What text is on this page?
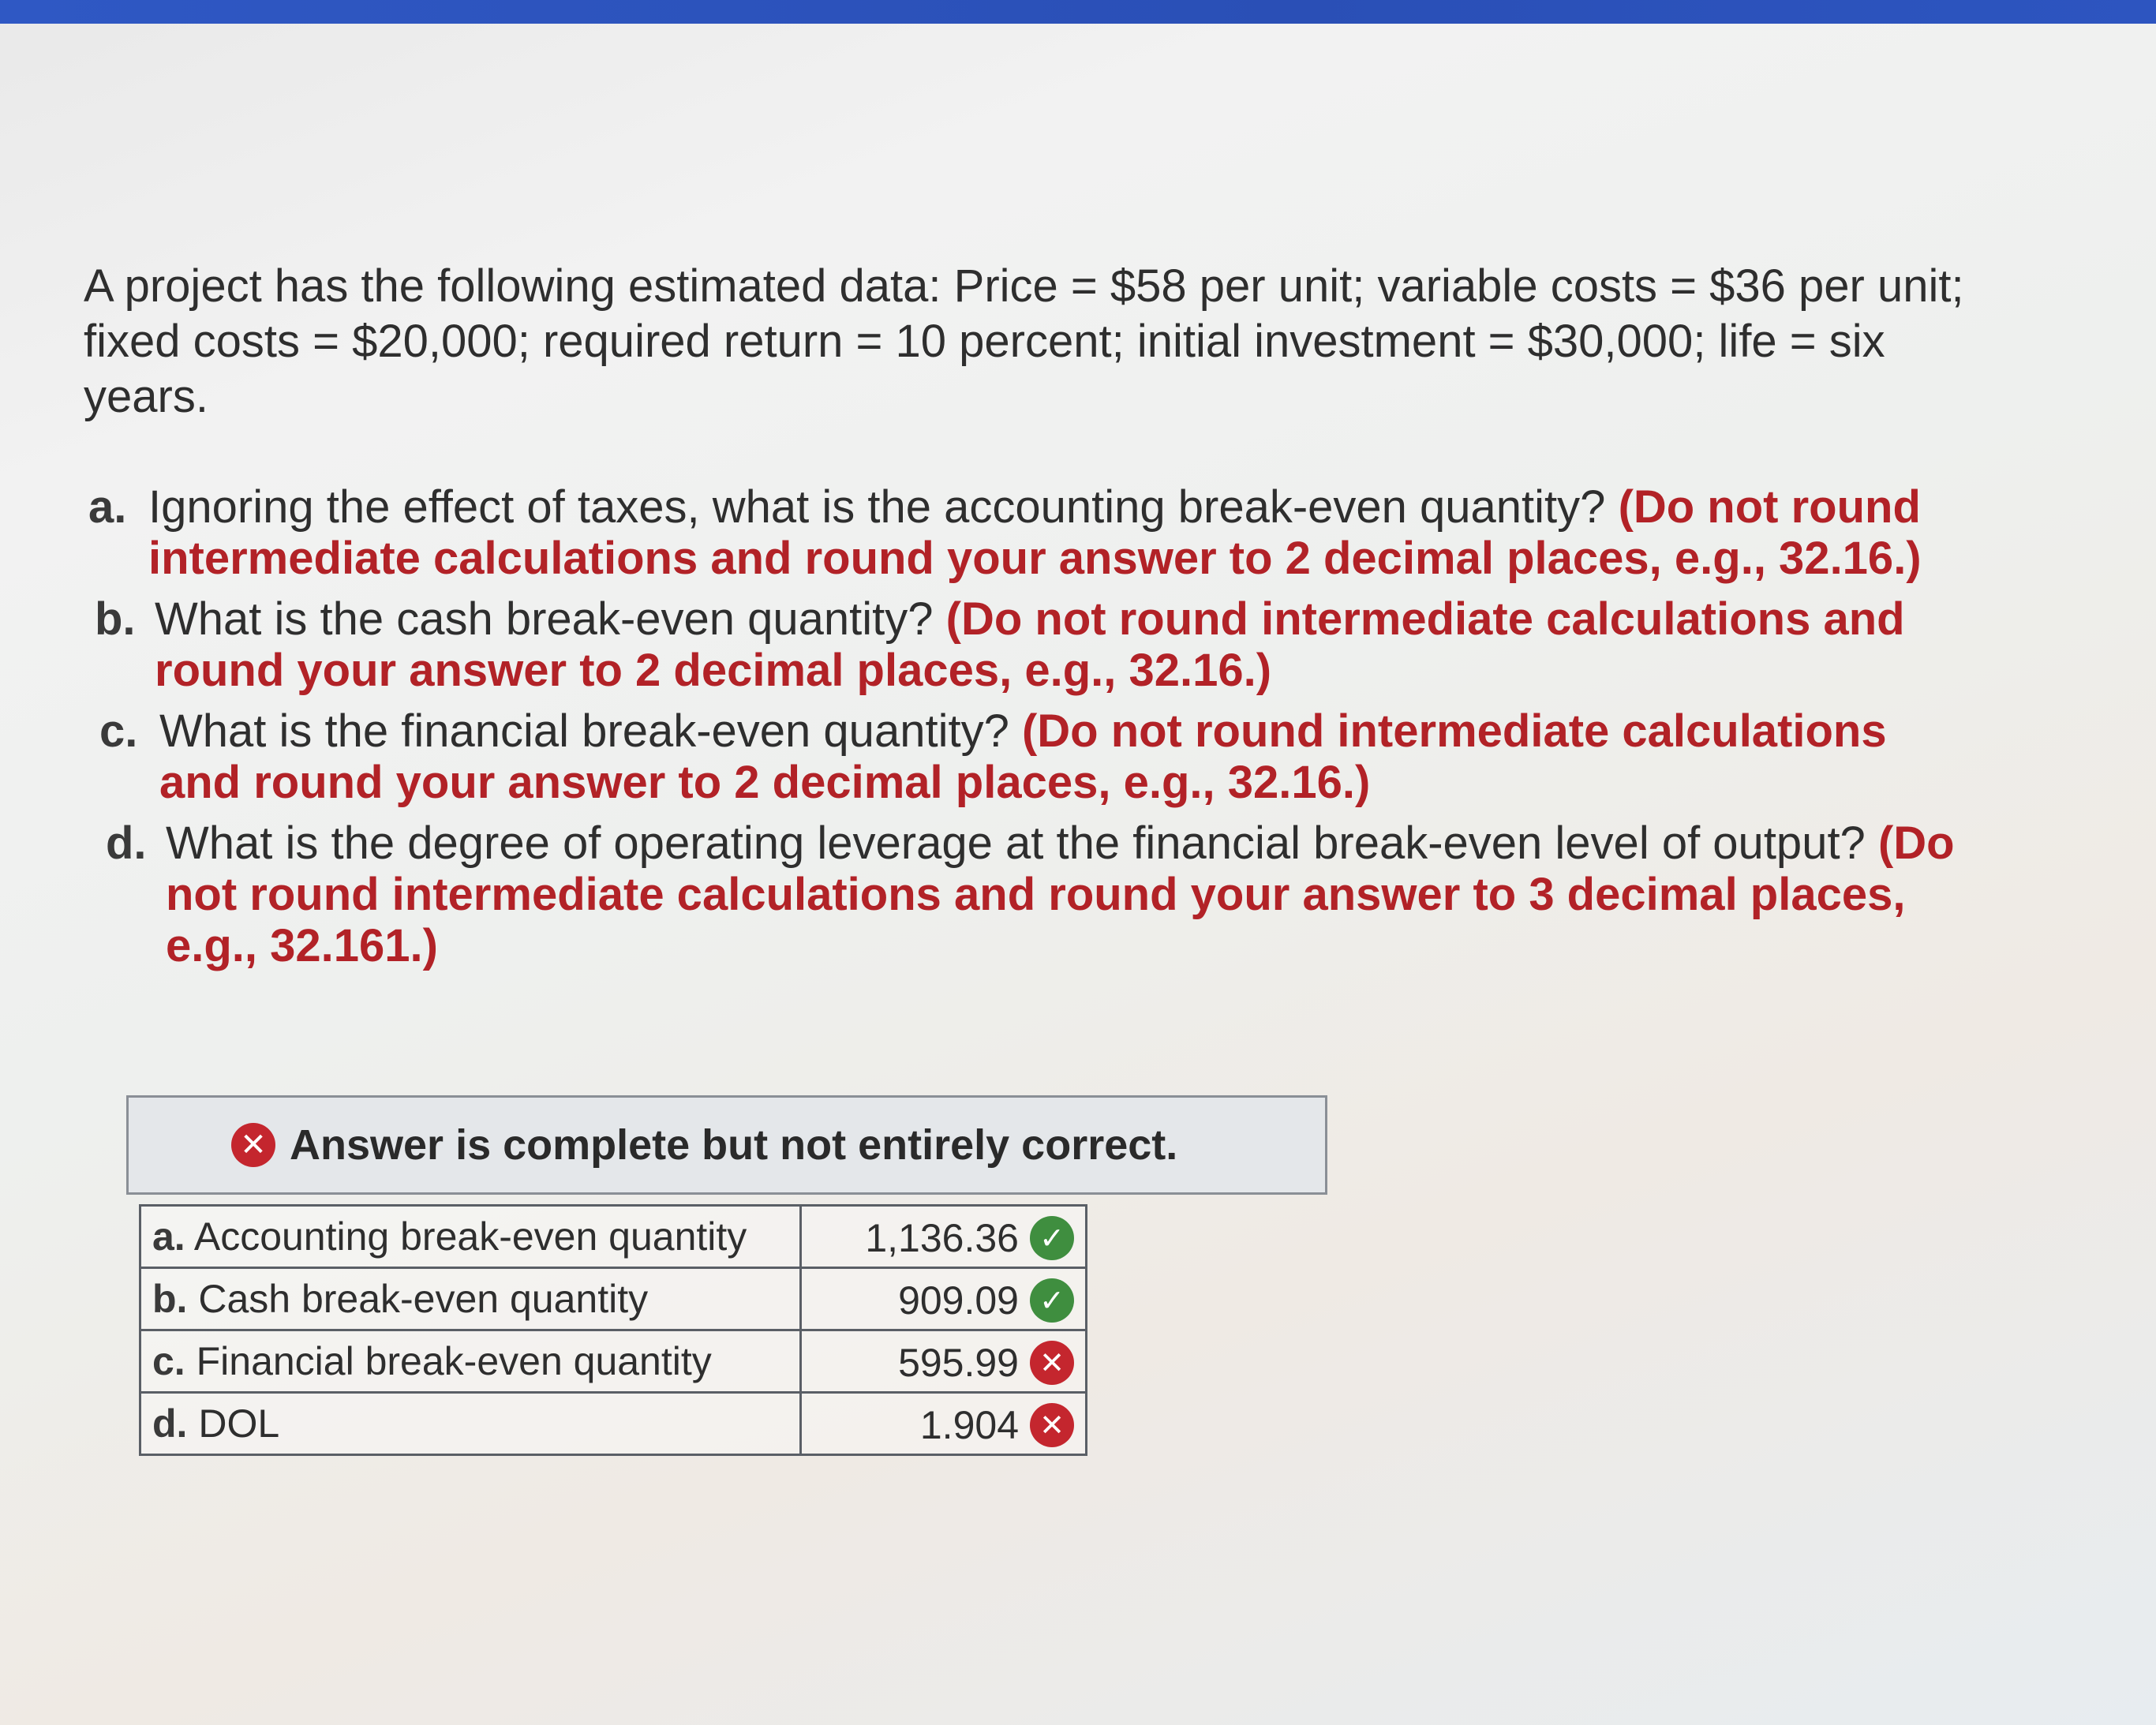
A project has the following estimated data: Price = $58 per unit; variable costs = $36 per unit; fixed costs = $20,000; required return = 10 percent; initial investment = $30,000; life = six years.
a. Ignoring the effect of taxes, what is the accounting break-even quantity? (Do not round intermediate calculations and round your answer to 2 decimal places, e.g., 32.16.)
b. What is the cash break-even quantity? (Do not round intermediate calculations and round your answer to 2 decimal places, e.g., 32.16.)
c. What is the financial break-even quantity? (Do not round intermediate calculations and round your answer to 2 decimal places, e.g., 32.16.)
d. What is the degree of operating leverage at the financial break-even level of output? (Do not round intermediate calculations and round your answer to 3 decimal places, e.g., 32.161.)
✕ Answer is complete but not entirely correct.
a. Accounting break-even quantity	1,136.36 ✓
b. Cash break-even quantity	909.09 ✓
c. Financial break-even quantity	595.99 ✕
d. DOL	1.904 ✕
